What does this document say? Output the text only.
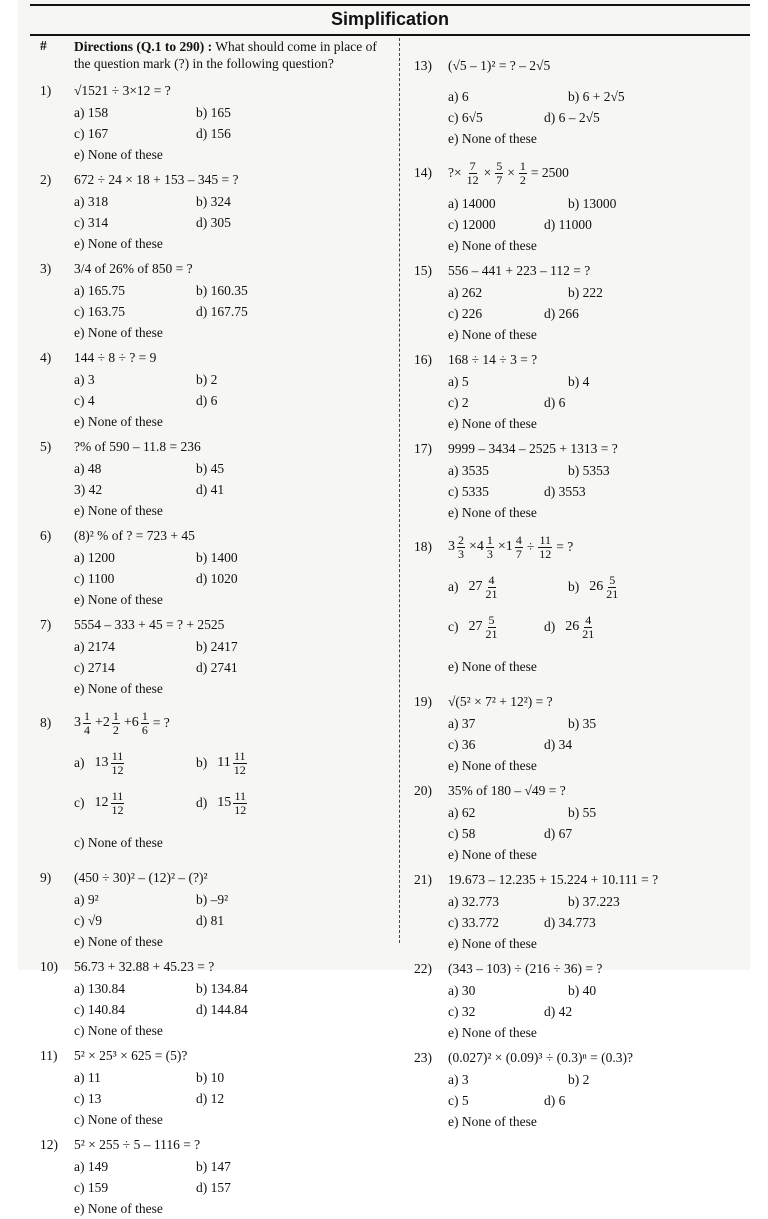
Simplification
#	Directions (Q.1 to 290) : What should come in place of the question mark (?) in the following question?
1)	√1521 ÷ 3×12 = ?
a) 158	b) 165
c) 167	d) 156
e) None of these
2)	672 ÷ 24 × 18 + 153 – 345 = ?
a) 318	b) 324
c) 314	d) 305
e) None of these
3)	3/4 of 26% of 850 = ?
a) 165.75	b) 160.35
c) 163.75	d) 167.75
e) None of these
4)	144 ÷ 8 ÷ ? = 9
a) 3	b) 2
c) 4	d) 6
e) None of these
5)	?% of 590 – 11.8 = 236
a) 48	b) 45
3) 42	d) 41
e) None of these
6)	(8)² % of ? = 723 + 45
a) 1200	b) 1400
c) 1100	d) 1020
e) None of these
7)	5554 – 333 + 45 = ? + 2525
a) 2174	b) 2417
c) 2714	d) 2741
e) None of these
8)	$3 \frac{1}{4} +2 \frac{1}{2} +6 \frac{1}{6}$ = ?
a) $13 \frac{11}{12}$	b) $11 \frac{11}{12}$
c) $12 \frac{11}{12}$	d) $15 \frac{11}{12}$
c) None of these
9)	(450 ÷ 30)² – (12)² – (?)²
a) 9²	b) –9²
c) √9	d) 81
e) None of these
10)	56.73 + 32.88 + 45.23 = ?
a) 130.84	b) 134.84
c) 140.84	d) 144.84
c) None of these
11)	5² × 25³ × 625 = (5)?
a) 11	b) 10
c) 13	d) 12
c) None of these
12)	5² × 255 ÷ 5 – 1116 = ?
a) 149	b) 147
c) 159	d) 157
e) None of these
13)	(√5 – 1)² = ? – 2√5
a) 6	b) 6 + 2√5
c) 6√5	d) 6 – 2√5
e) None of these
14)	?× $\frac{7}{12} \times \frac{5}{7} \times \frac{1}{2} = 2500$
a) 14000	b) 13000
c) 12000	d) 11000
e) None of these
15)	556 – 441 + 223 – 112 = ?
a) 262	b) 222
c) 226	d) 266
e) None of these
16)	168 ÷ 14 ÷ 3 = ?
a) 5	b) 4
c) 2	d) 6
e) None of these
17)	9999 – 3434 – 2525 + 1313 = ?
a) 3535	b) 5353
c) 5335	d) 3553
e) None of these
18)	$3 \frac{2}{3} \times 4 \frac{1}{3} \times 1 \frac{4}{7} \div \frac{11}{12}$ = ?
a) $27 \frac{4}{21}$	b) $26 \frac{5}{21}$
c) $27 \frac{5}{21}$	d) $26 \frac{4}{21}$
e) None of these
19)	√(5² × 7² + 12²) = ?
a) 37	b) 35
c) 36	d) 34
e) None of these
20)	35% of 180 – √49 = ?
a) 62	b) 55
c) 58	d) 67
e) None of these
21)	19.673 – 12.235 + 15.224 + 10.111 = ?
a) 32.773	b) 37.223
c) 33.772	d) 34.773
e) None of these
22)	(343 – 103) ÷ (216 ÷ 36) = ?
a) 30	b) 40
c) 32	d) 42
e) None of these
23)	(0.027)² × (0.09)³ ÷ (0.3)ⁿ = (0.3)?
a) 3	b) 2
c) 5	d) 6
e) None of these
